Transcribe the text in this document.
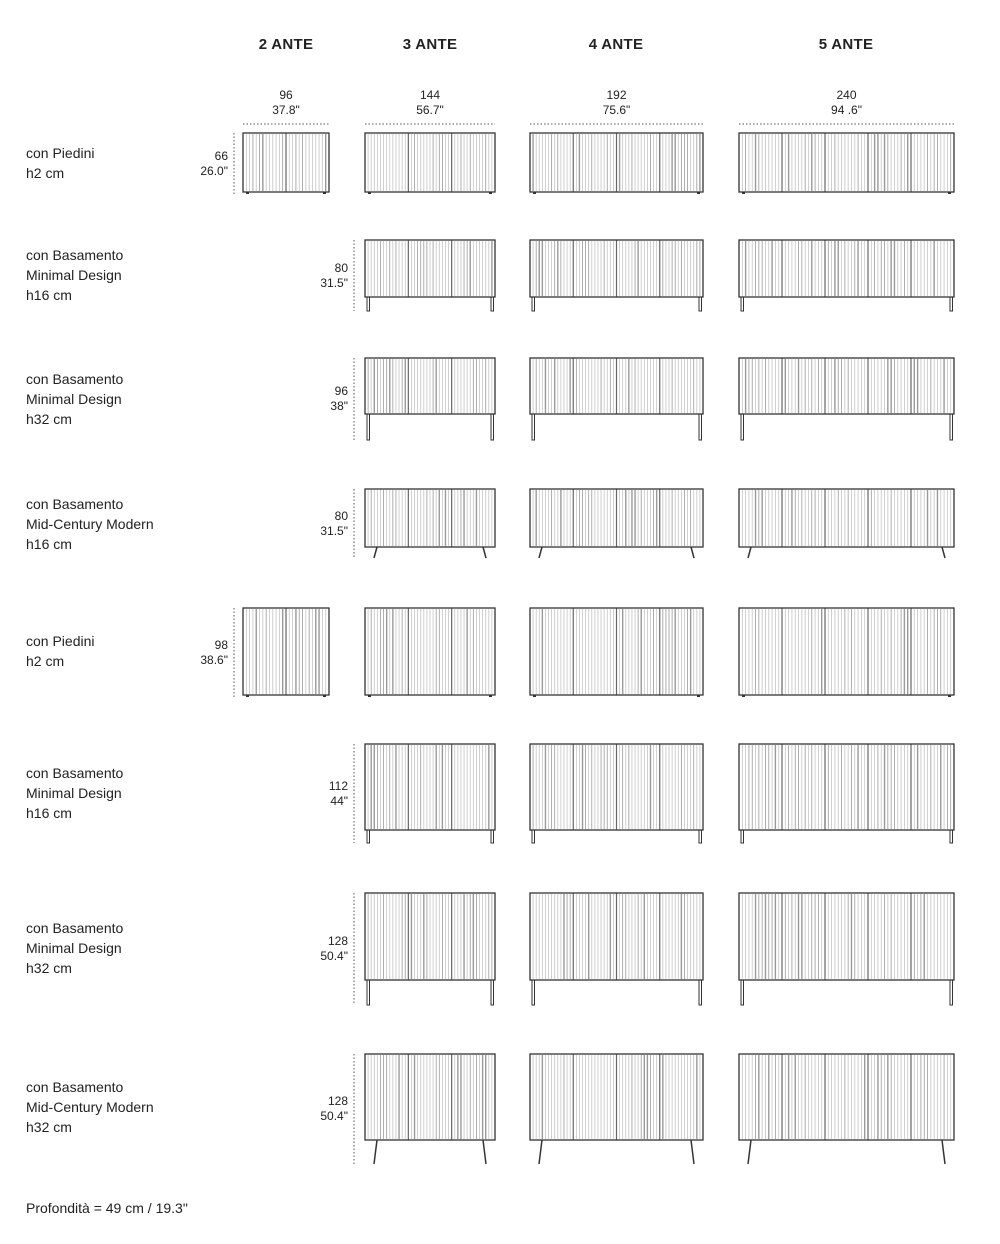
2 ANTE
96
37.8"
3 ANTE
144
56.7"
4 ANTE
192
75.6"
5 ANTE
240
94 .6"
con Piedini
h2 cm
66
26.0"
con Basamento
Minimal Design
h16 cm
80
31.5"
con Basamento
Minimal Design
h32 cm
96
38"
con Basamento
Mid-Century Modern
h16 cm
80
31.5"
con Piedini
h2 cm
98
38.6"
con Basamento
Minimal Design
h16 cm
112
44"
con Basamento
Minimal Design
h32 cm
128
50.4"
con Basamento
Mid-Century Modern
h32 cm
128
50.4"
Profondità = 49 cm / 19.3"
